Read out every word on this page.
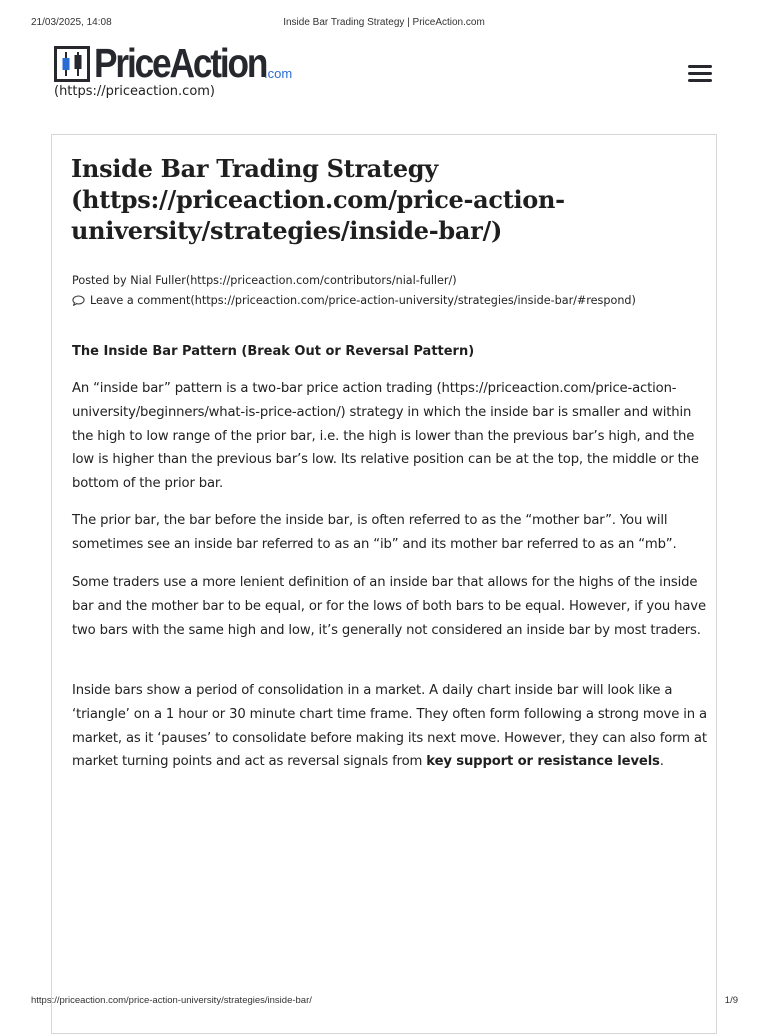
21/03/2025, 14:08	Inside Bar Trading Strategy | PriceAction.com
PriceAction
.com
(https://priceaction.com)
Inside Bar Trading Strategy (https://priceaction.com/price-action-university/strategies/inside-bar/)
Posted by Nial Fuller(https://priceaction.com/contributors/nial-fuller/)
Leave a comment(https://priceaction.com/price-action-university/strategies/inside-bar/#respond)
The Inside Bar Pattern (Break Out or Reversal Pattern)

An “inside bar” pattern is a two-bar price action trading (https://priceaction.com/price-action-university/beginners/what-is-price-action/) strategy in which the inside bar is smaller and within the high to low range of the prior bar, i.e. the high is lower than the previous bar’s high, and the low is higher than the previous bar’s low. Its relative position can be at the top, the middle or the bottom of the prior bar.

The prior bar, the bar before the inside bar, is often referred to as the “mother bar”. You will sometimes see an inside bar referred to as an “ib” and its mother bar referred to as an “mb”.

Some traders use a more lenient definition of an inside bar that allows for the highs of the inside bar and the mother bar to be equal, or for the lows of both bars to be equal. However, if you have two bars with the same high and low, it’s generally not considered an inside bar by most traders.

Inside bars show a period of consolidation in a market. A daily chart inside bar will look like a ‘triangle’ on a 1 hour or 30 minute chart time frame. They often form following a strong move in a market, as it ‘pauses’ to consolidate before making its next move. However, they can also form at market turning points and act as reversal signals from key support or resistance levels.

https://priceaction.com/price-action-university/strategies/inside-bar/	1/9
